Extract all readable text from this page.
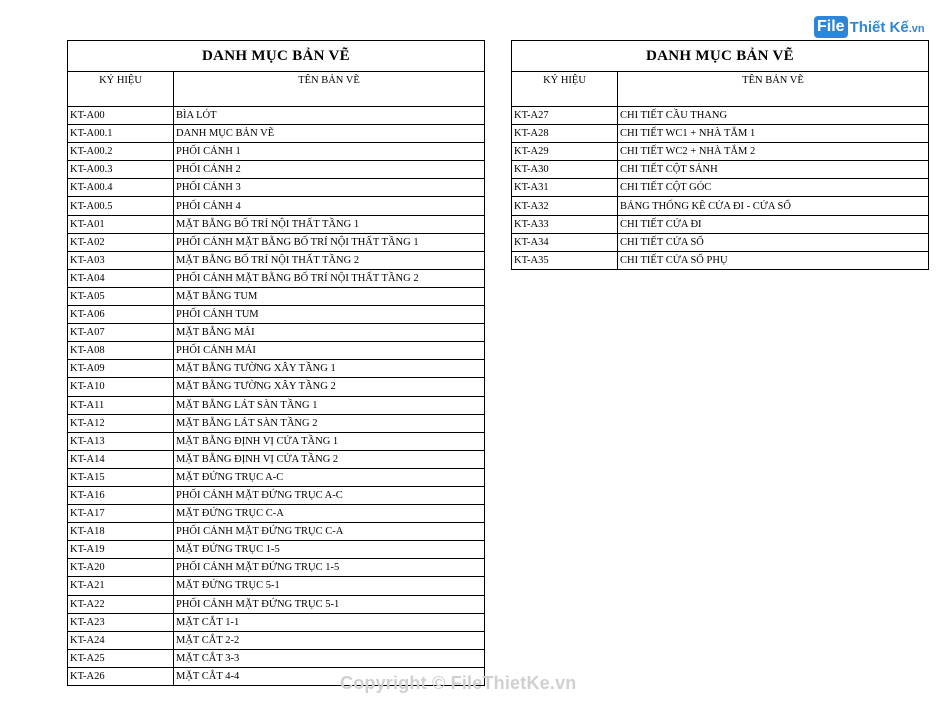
File Thiết Kế.vn
DANH MỤC BẢN VẼ
KÝ HIỆU	TÊN BẢN VẼ

KT-A00	BÌA LÓT
KT-A00.1	DANH MỤC BẢN VẼ
KT-A00.2	PHỐI CẢNH 1
KT-A00.3	PHỐI CẢNH 2
KT-A00.4	PHỐI CẢNH 3
KT-A00.5	PHỐI CẢNH 4
KT-A01	MẶT BẰNG BỐ TRÍ NỘI THẤT TẦNG 1
KT-A02	PHỐI CẢNH MẶT BẰNG BỐ TRÍ NỘI THẤT TẦNG 1
KT-A03	MẶT BẰNG BỐ TRÍ NỘI THẤT TẦNG 2
KT-A04	PHỐI CẢNH MẶT BẰNG BỐ TRÍ NỘI THẤT TẦNG 2
KT-A05	MẶT BẰNG TUM
KT-A06	PHỐI CẢNH TUM
KT-A07	MẶT BẰNG MÁI
KT-A08	PHỐI CẢNH MÁI
KT-A09	MẶT BẰNG TƯỜNG XÂY TẦNG 1
KT-A10	MẶT BẰNG TƯỜNG XÂY TẦNG 2
KT-A11	MẶT BẰNG LÁT SÀN TẦNG 1
KT-A12	MẶT BẰNG LÁT SÀN TẦNG 2
KT-A13	MẶT BẰNG ĐỊNH VỊ CỬA TẦNG 1
KT-A14	MẶT BẰNG ĐỊNH VỊ CỬA TẦNG 2
KT-A15	MẶT ĐỨNG TRỤC A-C
KT-A16	PHỐI CẢNH MẶT ĐỨNG TRỤC A-C
KT-A17	MẶT ĐỨNG TRỤC C-A
KT-A18	PHỐI CẢNH MẶT ĐỨNG TRỤC C-A
KT-A19	MẶT ĐỨNG TRỤC 1-5
KT-A20	PHỐI CẢNH MẶT ĐỨNG TRỤC 1-5
KT-A21	MẶT ĐỨNG TRỤC 5-1
KT-A22	PHỐI CẢNH MẶT ĐỨNG TRỤC 5-1
KT-A23	MẶT CẮT 1-1
KT-A24	MẶT CẮT 2-2
KT-A25	MẶT CẮT 3-3
KT-A26	MẶT CẮT 4-4
DANH MỤC BẢN VẼ
KÝ HIỆU	TÊN BẢN VẼ

KT-A27	CHI TIẾT CẦU THANG
KT-A28	CHI TIẾT WC1 + NHÀ TẮM 1
KT-A29	CHI TIẾT WC2 + NHÀ TẮM 2
KT-A30	CHI TIẾT CỘT SẢNH
KT-A31	CHI TIẾT CỘT GÓC
KT-A32	BẢNG THỐNG KÊ CỬA ĐI - CỬA SỔ
KT-A33	CHI TIẾT CỬA ĐI
KT-A34	CHI TIẾT CỬA SỔ
KT-A35	CHI TIẾT CỬA SỔ PHỤ
Copyright © FileThietKe.vn
